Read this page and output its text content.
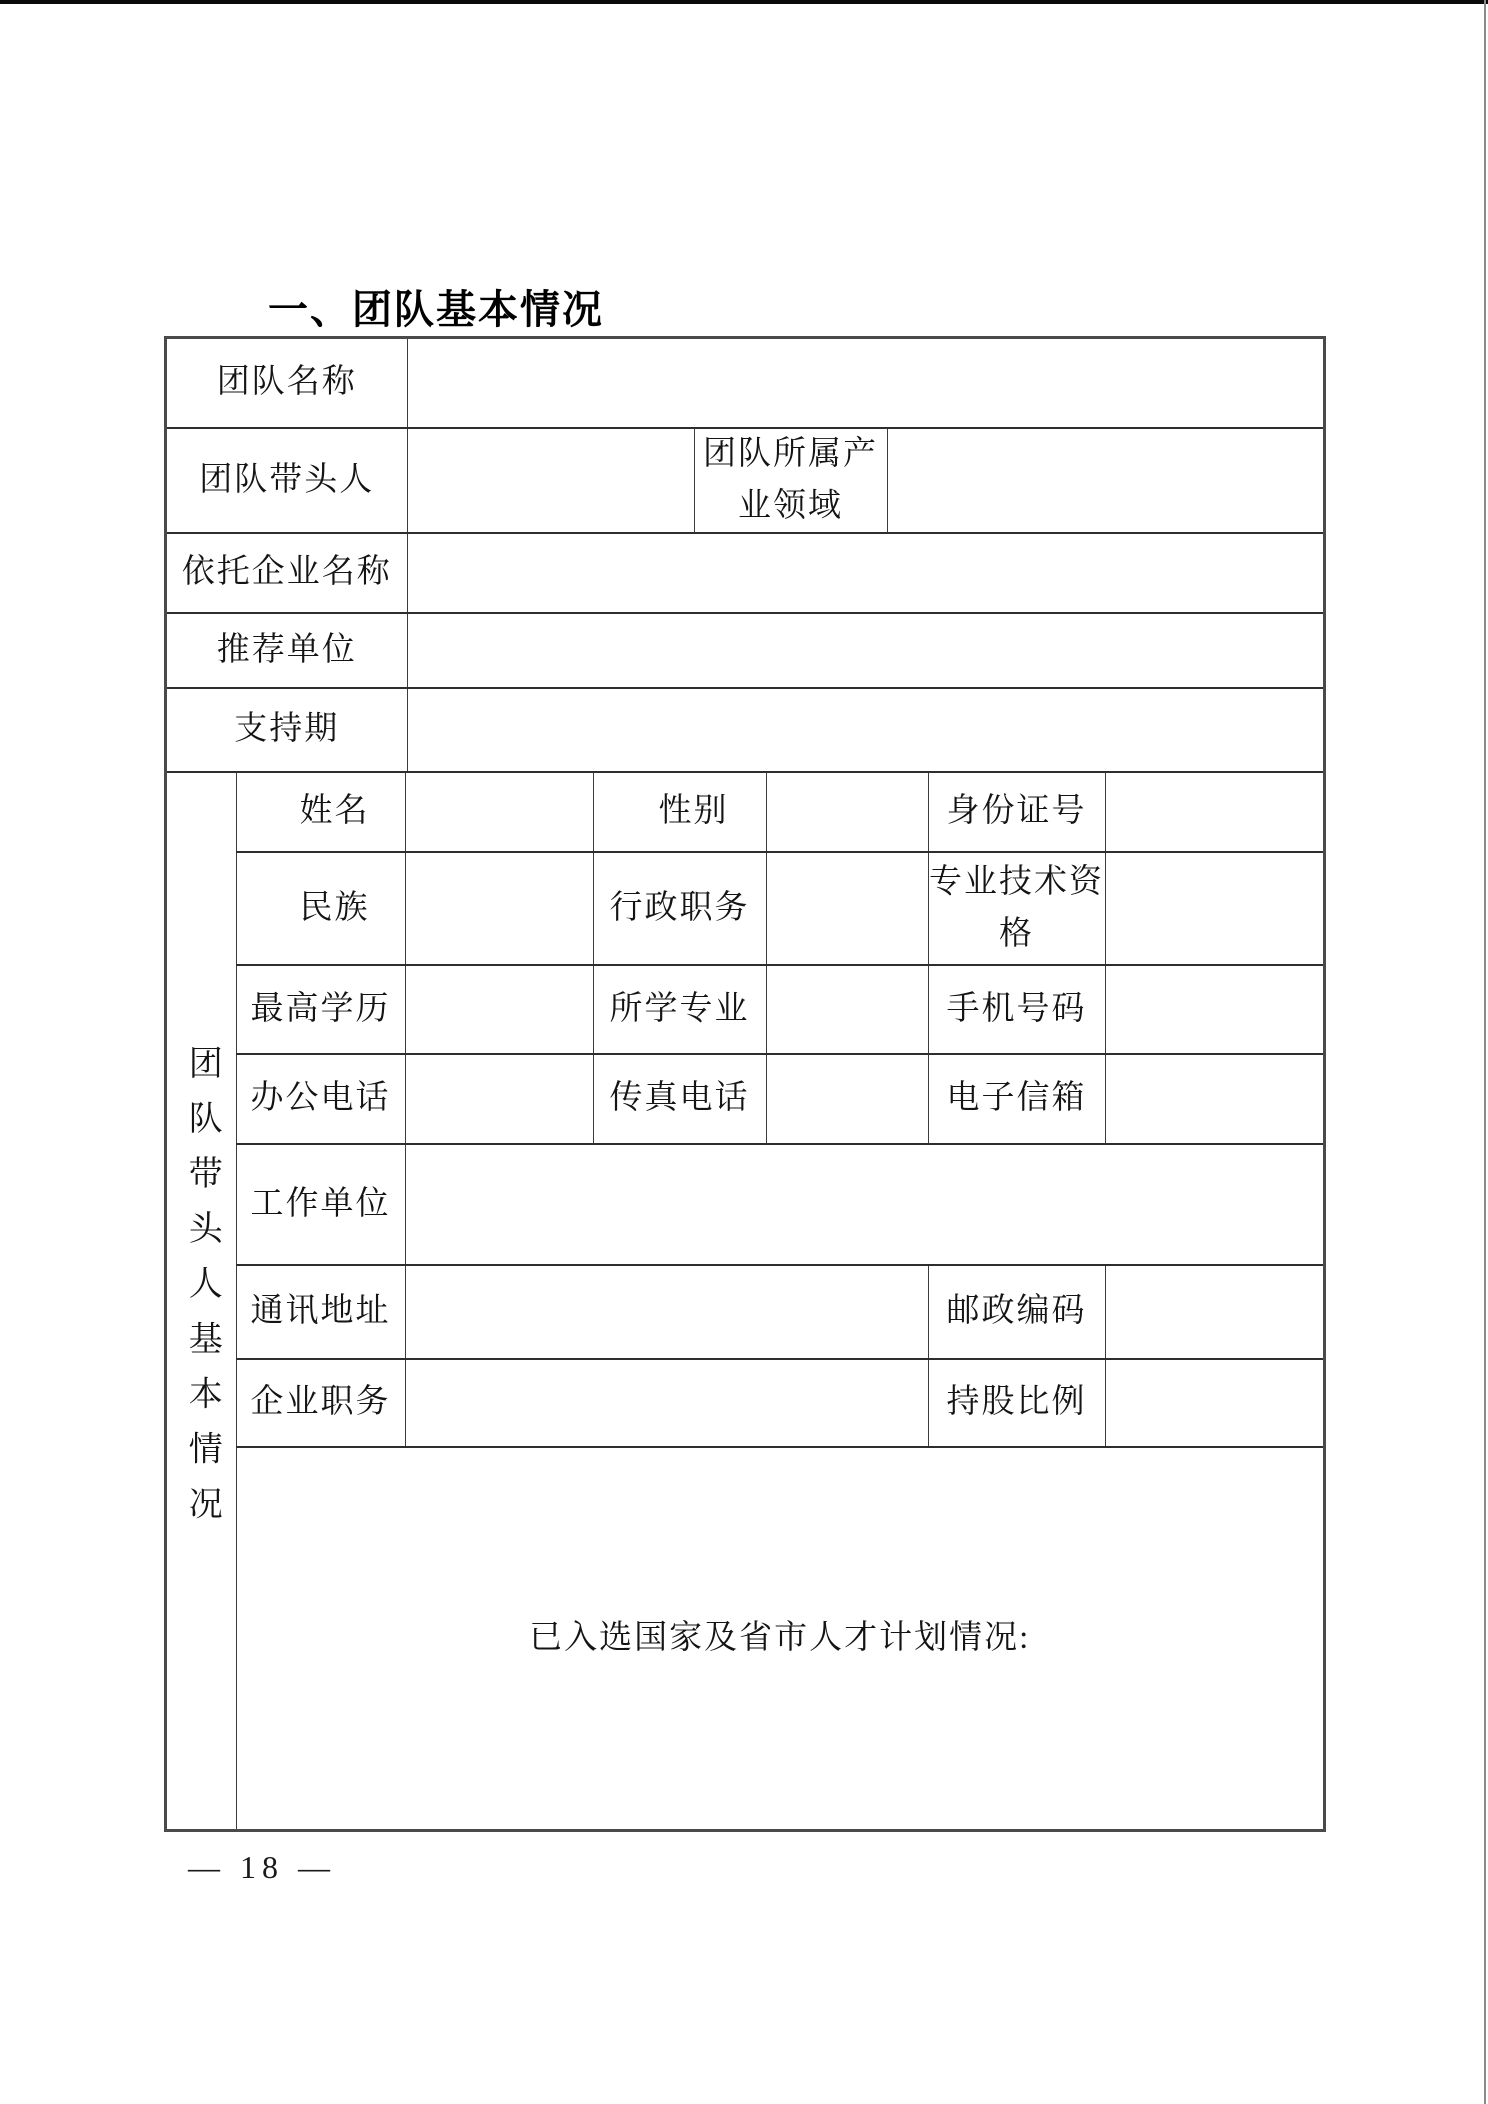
一、团队基本情况
团队名称			
团队带头人		团队所属产业领域	
依托企业名称			
推荐单位			
支持期			
团队带头人基本情况	姓名		性别		身份证号	
	民族		行政职务		专业技术资格	
	最高学历		所学专业		手机号码	
	办公电话		传真电话		电子信箱	
	工作单位					
	通讯地址				邮政编码	
	企业职务				持股比例	
	已入选国家及省市人才计划情况:					
— 18 —
